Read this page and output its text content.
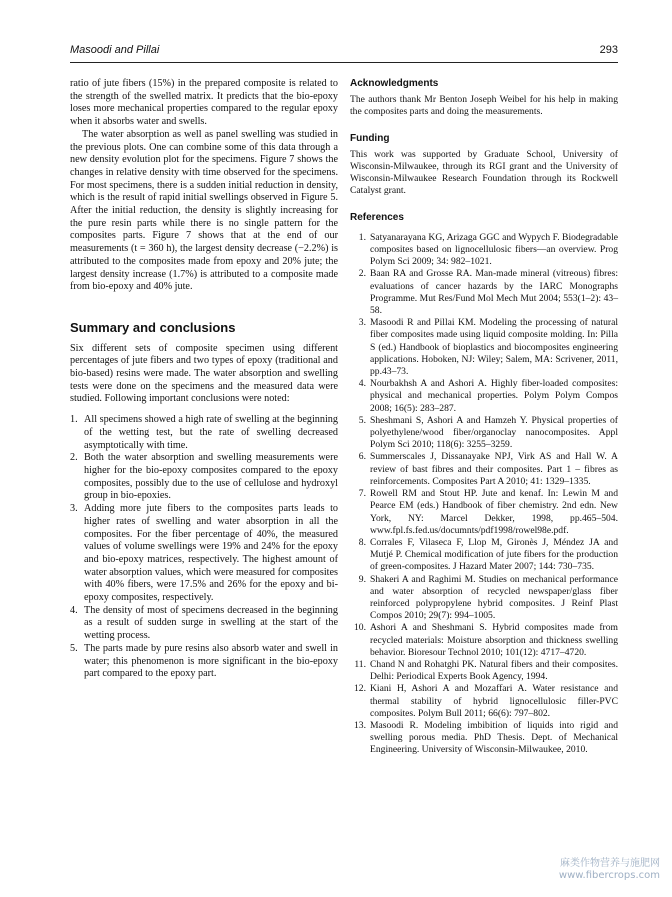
Masoodi and Pillai	293

ratio of jute fibers (15%) in the prepared composite is related to the strength of the swelled matrix. It predicts that the bio-epoxy loses more mechanical properties compared to the regular epoxy when it absorbs water and swells.

The water absorption as well as panel swelling was studied in the previous plots. One can combine some of this data through a new density evolution plot for the specimens. Figure 7 shows the changes in relative density with time observed for the specimens. For most specimens, there is a sudden initial reduction in density, which is the result of rapid initial swellings observed in Figure 5. After the initial reduction, the density is slightly increasing for the pure resin parts while there is no single pattern for the composites parts. Figure 7 shows that at the end of our measurements (t = 360 h), the largest density decrease (−2.2%) is attributed to the composites made from epoxy and 20% jute; the largest density increase (1.7%) is attributed to a composite made from bio-epoxy and 40% jute.

Summary and conclusions

Six different sets of composite specimen using different percentages of jute fibers and two types of epoxy (traditional and bio-based) resins were made. The water absorption and swelling tests were done on the specimens and the measured data were studied. Following important conclusions were noted:

1. All specimens showed a high rate of swelling at the beginning of the wetting test, but the rate of swelling decreased asymptotically with time.
2. Both the water absorption and swelling measurements were higher for the bio-epoxy composites compared to the epoxy composites, possibly due to the use of cellulose and hydroxyl group in bio-epoxies.
3. Adding more jute fibers to the composites parts leads to higher rates of swelling and water absorption in all the composites. For the fiber percentage of 40%, the measured values of volume swellings were 19% and 24% for the epoxy and bio-epoxy matrices, respectively. The highest amount of water absorption values, which were measured for composites with 40% fibers, were 17.5% and 26% for the epoxy and bi-epoxy composites, respectively.
4. The density of most of specimens decreased in the beginning as a result of sudden surge in swelling at the start of the wetting process.
5. The parts made by pure resins also absorb water and swell in water; this phenomenon is more significant in the bio-epoxy part compared to the epoxy part.
Acknowledgments

The authors thank Mr Benton Joseph Weibel for his help in making the composites parts and doing the measurements.

Funding

This work was supported by Graduate School, University of Wisconsin-Milwaukee, through its RGI grant and the University of Wisconsin-Milwaukee Research Foundation through its Rockwell Catalyst grant.

References
1. Satyanarayana KG, Arizaga GGC and Wypych F. Biodegradable composites based on lignocellulosic fibers—an overview. Prog Polym Sci 2009; 34: 982–1021.
2. Baan RA and Grosse RA. Man-made mineral (vitreous) fibres: evaluations of cancer hazards by the IARC Monographs Programme. Mut Res/Fund Mol Mech Mut 2004; 553(1–2): 43–58.
3. Masoodi R and Pillai KM. Modeling the processing of natural fiber composites made using liquid composite molding. In: Pilla S (ed.) Handbook of bioplastics and biocomposites engineering applications. Hoboken, NJ: Wiley; Salem, MA: Scrivener, 2011, pp.43–73.
4. Nourbakhsh A and Ashori A. Highly fiber-loaded composites: physical and mechanical properties. Polym Polym Compos 2008; 16(5): 283–287.
5. Sheshmani S, Ashori A and Hamzeh Y. Physical properties of polyethylene/wood fiber/organoclay nanocomposites. Appl Polym Sci 2010; 118(6): 3255–3259.
6. Summerscales J, Dissanayake NPJ, Virk AS and Hall W. A review of bast fibres and their composites. Part 1 – fibres as reinforcements. Composites Part A 2010; 41: 1329–1335.
7. Rowell RM and Stout HP. Jute and kenaf. In: Lewin M and Pearce EM (eds.) Handbook of fiber chemistry. 2nd edn. New York, NY: Marcel Dekker, 1998, pp.465–504. www.fpl.fs.fed.us/documnts/pdf1998/rowel98e.pdf.
8. Corrales F, Vilaseca F, Llop M, Gironès J, Méndez JA and Mutjé P. Chemical modification of jute fibers for the production of green-composites. J Hazard Mater 2007; 144: 730–735.
9. Shakeri A and Raghimi M. Studies on mechanical performance and water absorption of recycled newspaper/glass fiber reinforced polypropylene hybrid composites. J Reinf Plast Compos 2010; 29(7): 994–1005.
10. Ashori A and Sheshmani S. Hybrid composites made from recycled materials: Moisture absorption and thickness swelling behavior. Bioresour Technol 2010; 101(12): 4717–4720.
11. Chand N and Rohatghi PK. Natural fibers and their composites. Delhi: Periodical Experts Book Agency, 1994.
12. Kiani H, Ashori A and Mozaffari A. Water resistance and thermal stability of hybrid lignocellulosic filler-PVC composites. Polym Bull 2011; 66(6): 797–802.
13. Masoodi R. Modeling imbibition of liquids into rigid and swelling porous media. PhD Thesis. Dept. of Mechanical Engineering. University of Wisconsin-Milwaukee, 2010.
麻类作物营养与施肥网
www.fibercrops.com
